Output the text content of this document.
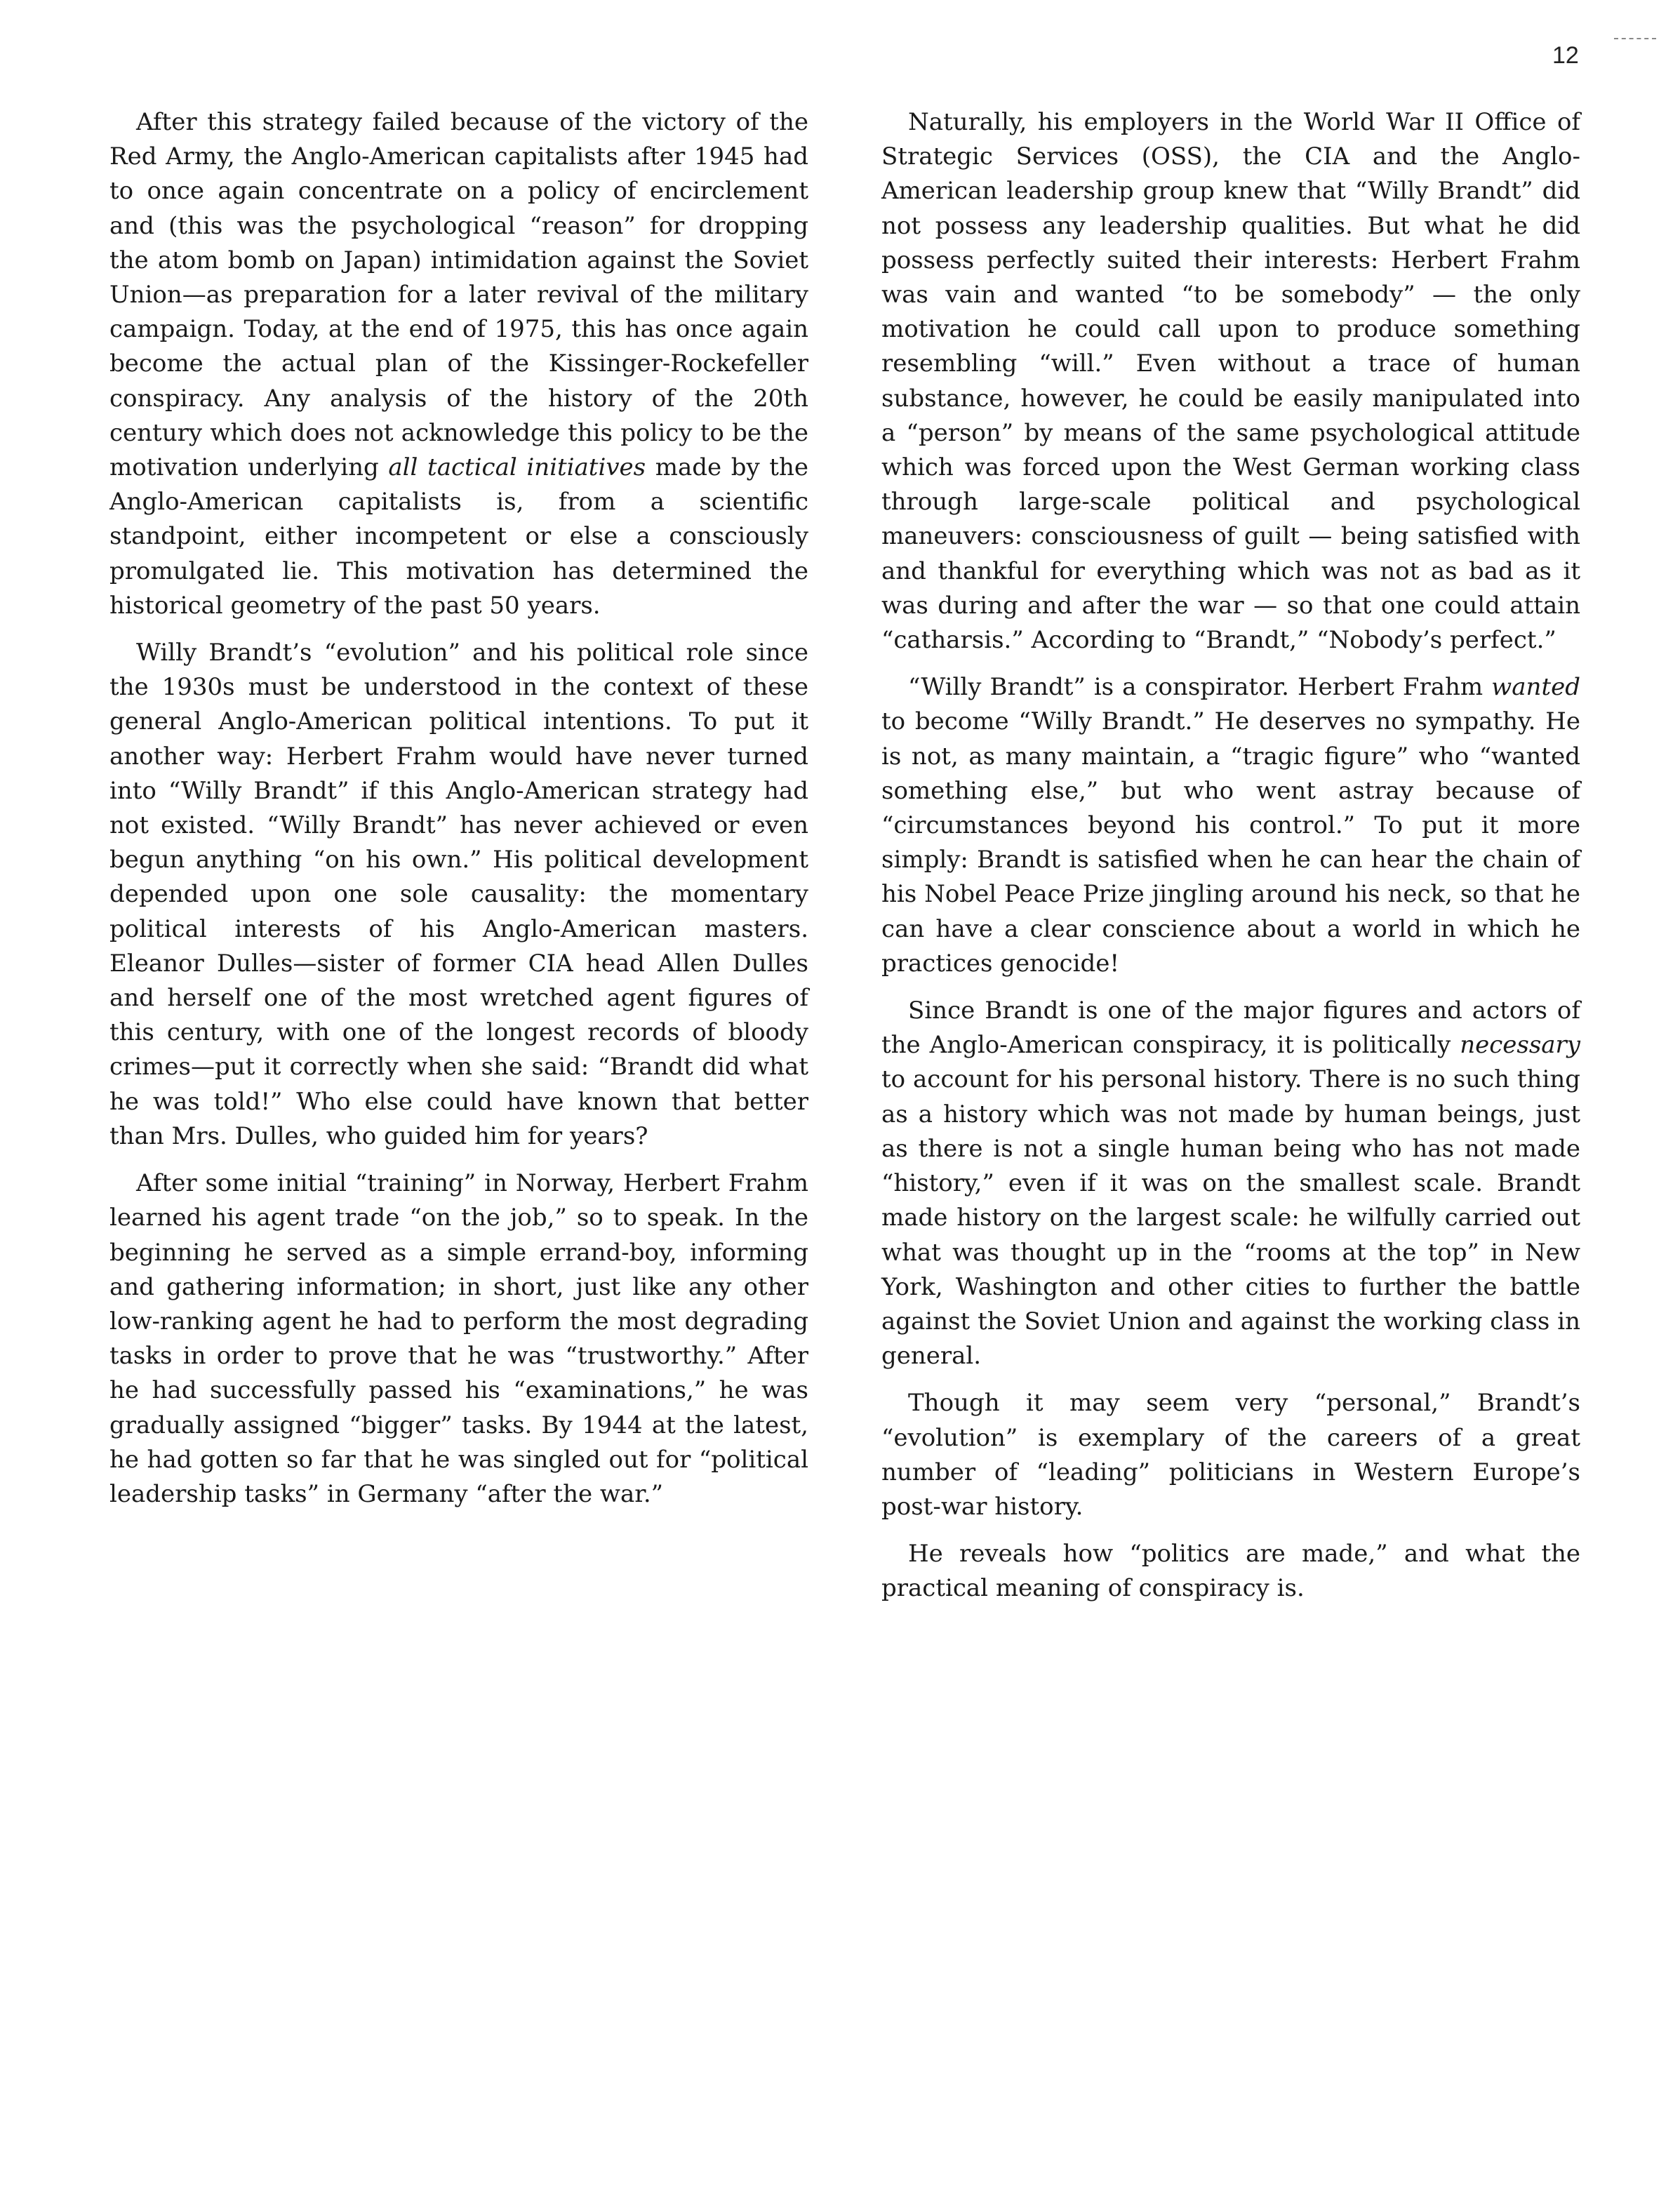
12

After this strategy failed because of the victory of the Red Army, the Anglo-American capitalists after 1945 had to once again concentrate on a policy of encirclement and (this was the psychological “reason” for dropping the atom bomb on Japan) intimidation against the Soviet Union—as preparation for a later revival of the military campaign. Today, at the end of 1975, this has once again become the actual plan of the Kissinger-Rockefeller conspiracy. Any analysis of the history of the 20th century which does not acknowledge this policy to be the motivation underlying all tactical initiatives made by the Anglo-American capitalists is, from a scientific standpoint, either incompetent or else a consciously promulgated lie. This motivation has determined the historical geometry of the past 50 years.

Willy Brandt’s “evolution” and his political role since the 1930s must be understood in the context of these general Anglo-American political intentions. To put it another way: Herbert Frahm would have never turned into “Willy Brandt” if this Anglo-American strategy had not existed. “Willy Brandt” has never achieved or even begun anything “on his own.” His political development depended upon one sole causality: the momentary political interests of his Anglo-American masters. Eleanor Dulles—sister of former CIA head Allen Dulles and herself one of the most wretched agent figures of this century, with one of the longest records of bloody crimes—put it correctly when she said: “Brandt did what he was told!” Who else could have known that better than Mrs. Dulles, who guided him for years?

After some initial “training” in Norway, Herbert Frahm learned his agent trade “on the job,” so to speak. In the beginning he served as a simple errand-boy, informing and gathering information; in short, just like any other low-ranking agent he had to perform the most degrading tasks in order to prove that he was “trustworthy.” After he had successfully passed his “examinations,” he was gradually assigned “bigger” tasks. By 1944 at the latest, he had gotten so far that he was singled out for “political leadership tasks” in Germany “after the war.”

Naturally, his employers in the World War II Office of Strategic Services (OSS), the CIA and the Anglo-American leadership group knew that “Willy Brandt” did not possess any leadership qualities. But what he did possess perfectly suited their interests: Herbert Frahm was vain and wanted “to be somebody” — the only motivation he could call upon to produce something resembling “will.” Even without a trace of human substance, however, he could be easily manipulated into a “person” by means of the same psychological attitude which was forced upon the West German working class through large-scale political and psychological maneuvers: consciousness of guilt — being satisfied with and thankful for everything which was not as bad as it was during and after the war — so that one could attain “catharsis.” According to “Brandt,” “Nobody’s perfect.”

“Willy Brandt” is a conspirator. Herbert Frahm wanted to become “Willy Brandt.” He deserves no sympathy. He is not, as many maintain, a “tragic figure” who “wanted something else,” but who went astray because of “circumstances beyond his control.” To put it more simply: Brandt is satisfied when he can hear the chain of his Nobel Peace Prize jingling around his neck, so that he can have a clear conscience about a world in which he practices genocide!

Since Brandt is one of the major figures and actors of the Anglo-American conspiracy, it is politically necessary to account for his personal history. There is no such thing as a history which was not made by human beings, just as there is not a single human being who has not made “history,” even if it was on the smallest scale. Brandt made history on the largest scale: he wilfully carried out what was thought up in the “rooms at the top” in New York, Washington and other cities to further the battle against the Soviet Union and against the working class in general.

Though it may seem very “personal,” Brandt’s “evolution” is exemplary of the careers of a great number of “leading” politicians in Western Europe’s post-war history.

He reveals how “politics are made,” and what the practical meaning of conspiracy is.
